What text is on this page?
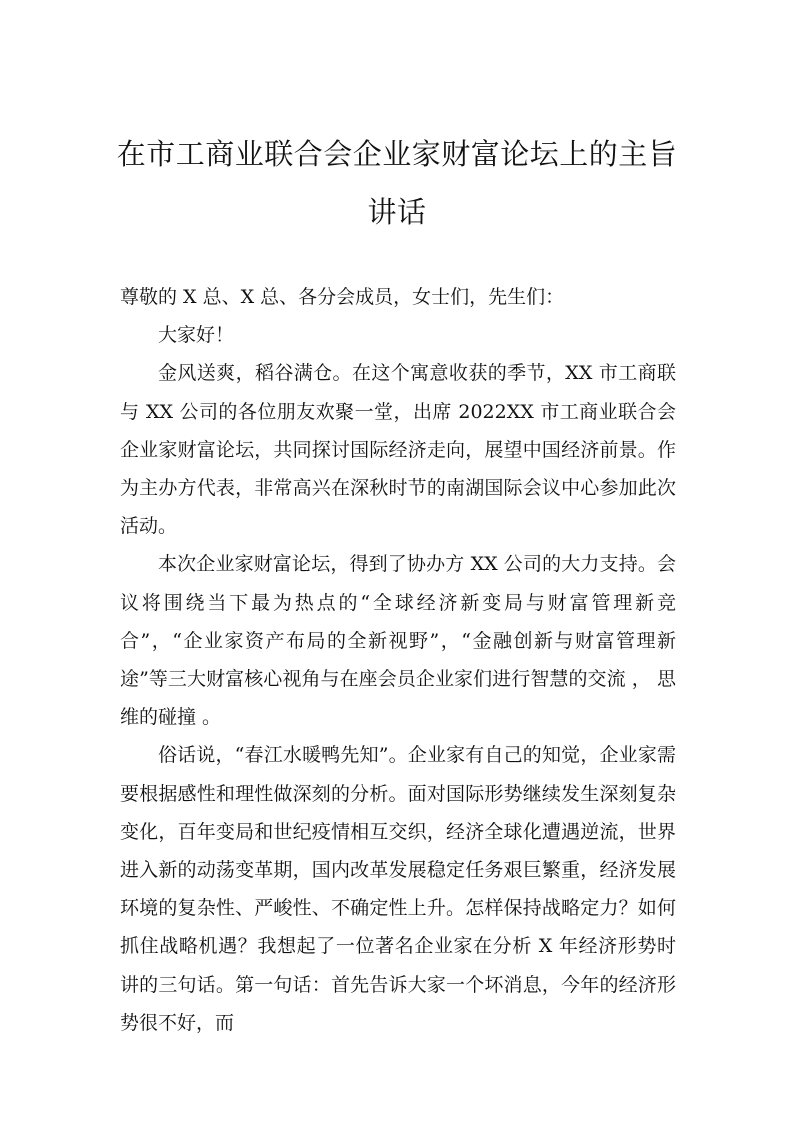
在市工商业联合会企业家财富论坛上的主旨讲话

尊敬的 X 总、X 总、各分会成员，女士们，先生们：

大家好！

金风送爽，稻谷满仓。在这个寓意收获的季节，XX 市工商联与 XX 公司的各位朋友欢聚一堂，出席 2022XX 市工商业联合会企业家财富论坛，共同探讨国际经济走向，展望中国经济前景。作为主办方代表，非常高兴在深秋时节的南湖国际会议中心参加此次活动。

本次企业家财富论坛，得到了协办方 XX 公司的大力支持。会议将围绕当下最为热点的“全球经济新变局与财富管理新竞合”，“企业家资产布局的全新视野”，“金融创新与财富管理新途”等三大财富核心视角与在座会员企业家们进行智慧的交流 ， 思维的碰撞 。

俗话说，“春江水暖鸭先知”。企业家有自己的知觉，企业家需要根据感性和理性做深刻的分析。面对国际形势继续发生深刻复杂变化，百年变局和世纪疫情相互交织，经济全球化遭遇逆流，世界进入新的动荡变革期，国内改革发展稳定任务艰巨繁重，经济发展环境的复杂性、严峻性、不确定性上升。怎样保持战略定力？如何抓住战略机遇？我想起了一位著名企业家在分析 X 年经济形势时讲的三句话。第一句话：首先告诉大家一个坏消息，今年的经济形势很不好，而
